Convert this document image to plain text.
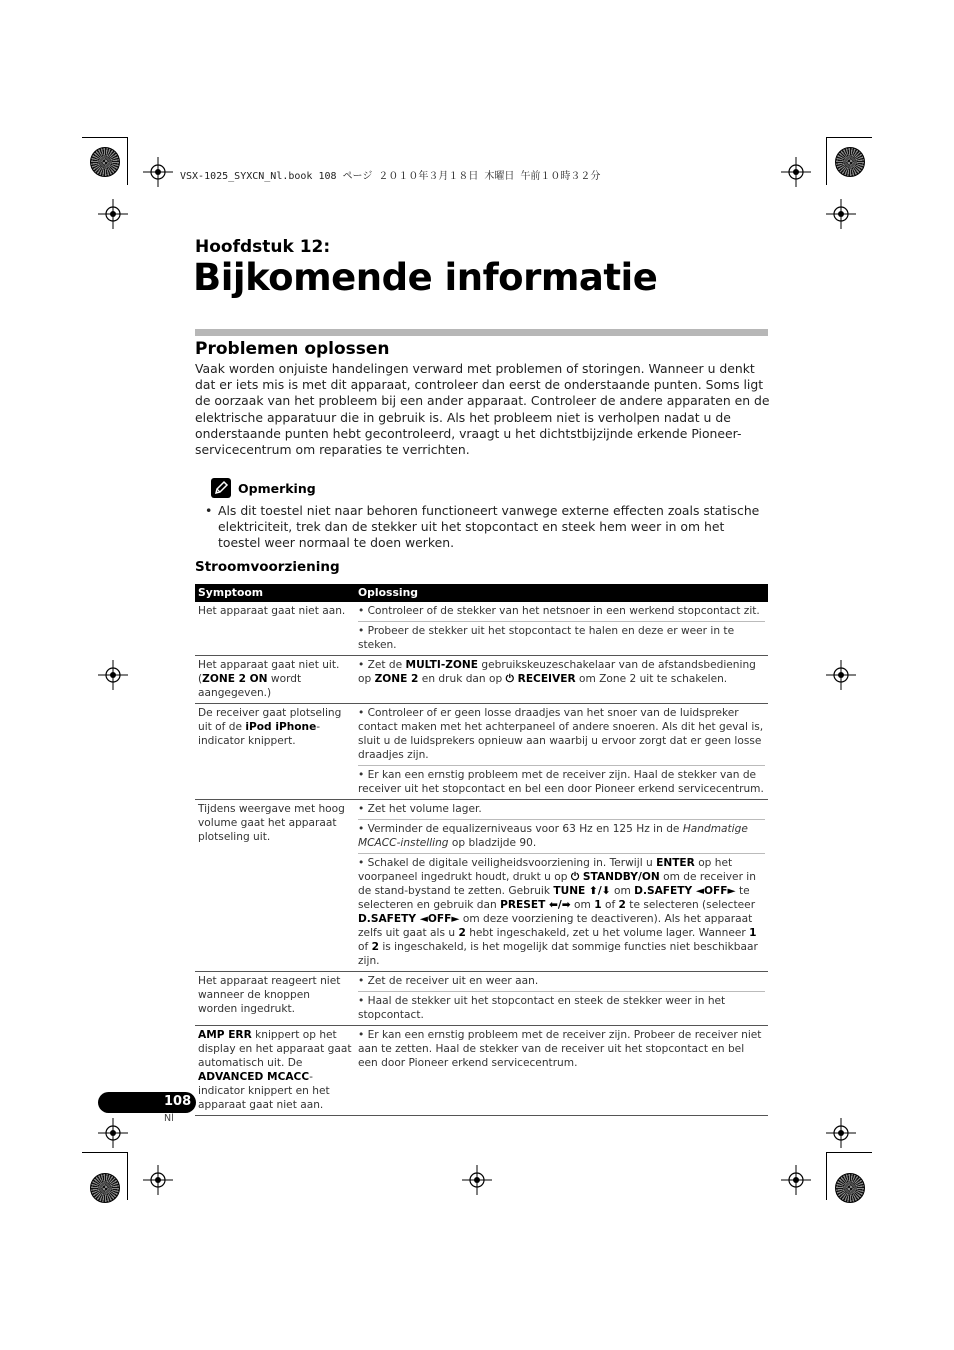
VSX-1025_SYXCN_Nl.book 108 ページ ２０１０年３月１８日 木曜日 午前１０時３２分
Hoofdstuk 12:
Bijkomende informatie
Problemen oplossen
Vaak worden onjuiste handelingen verward met problemen of storingen. Wanneer u denkt dat er iets mis is met dit apparaat, controleer dan eerst de onderstaande punten. Soms ligt de oorzaak van het probleem bij een ander apparaat. Controleer de andere apparaten en de elektrische apparatuur die in gebruik is. Als het probleem niet is verholpen nadat u de onderstaande punten hebt gecontroleerd, vraagt u het dichtstbijzijnde erkende Pioneer-servicecentrum om reparaties te verrichten.
Opmerking
• Als dit toestel niet naar behoren functioneert vanwege externe effecten zoals statische elektriciteit, trek dan de stekker uit het stopcontact en steek hem weer in om het toestel weer normaal te doen werken.
Stroomvoorziening
Symptoom	Oplossing
Het apparaat gaat niet aan.	• Controleer of de stekker van het netsnoer in een werkend stopcontact zit.
• Probeer de stekker uit het stopcontact te halen en deze er weer in te steken.

Het apparaat gaat niet uit.
(ZONE 2 ON wordt aangegeven.)	• Zet de MULTI-ZONE gebruikskeuzeschakelaar van de afstandsbediening op ZONE 2 en druk dan op ⏻ RECEIVER om Zone 2 uit te schakelen.

De receiver gaat plotseling uit of de iPod iPhone-indicator knippert.	• Controleer of er geen losse draadjes van het snoer van de luidspreker contact maken met het achterpaneel of andere snoeren. Als dit het geval is, sluit u de luidsprekers opnieuw aan waarbij u ervoor zorgt dat er geen losse draadjes zijn.
• Er kan een ernstig probleem met de receiver zijn. Haal de stekker van de receiver uit het stopcontact en bel een door Pioneer erkend servicecentrum.

Tijdens weergave met hoog volume gaat het apparaat plotseling uit.	• Zet het volume lager.
• Verminder de equalizerniveaus voor 63 Hz en 125 Hz in de Handmatige MCACC-instelling op bladzijde 90.
• Schakel de digitale veiligheidsvoorziening in. Terwijl u ENTER op het voorpaneel ingedrukt houdt, drukt u op ⏻ STANDBY/ON om de receiver in de stand-bystand te zetten. Gebruik TUNE ⬆/⬇ om D.SAFETY ◄OFF► te selecteren en gebruik dan PRESET ⬅/➡ om 1 of 2 te selecteren (selecteer D.SAFETY ◄OFF► om deze voorziening te deactiveren). Als het apparaat zelfs uit gaat als u 2 hebt ingeschakeld, zet u het volume lager. Wanneer 1 of 2 is ingeschakeld, is het mogelijk dat sommige functies niet beschikbaar zijn.

Het apparaat reageert niet wanneer de knoppen worden ingedrukt.	• Zet de receiver uit en weer aan.
• Haal de stekker uit het stopcontact en steek de stekker weer in het stopcontact.

AMP ERR knippert op het display en het apparaat gaat automatisch uit. De ADVANCED MCACC-indicator knippert en het apparaat gaat niet aan.	• Er kan een ernstig probleem met de receiver zijn. Probeer de receiver niet aan te zetten. Haal de stekker van de receiver uit het stopcontact en bel een door Pioneer erkend servicecentrum.
108
Nl
